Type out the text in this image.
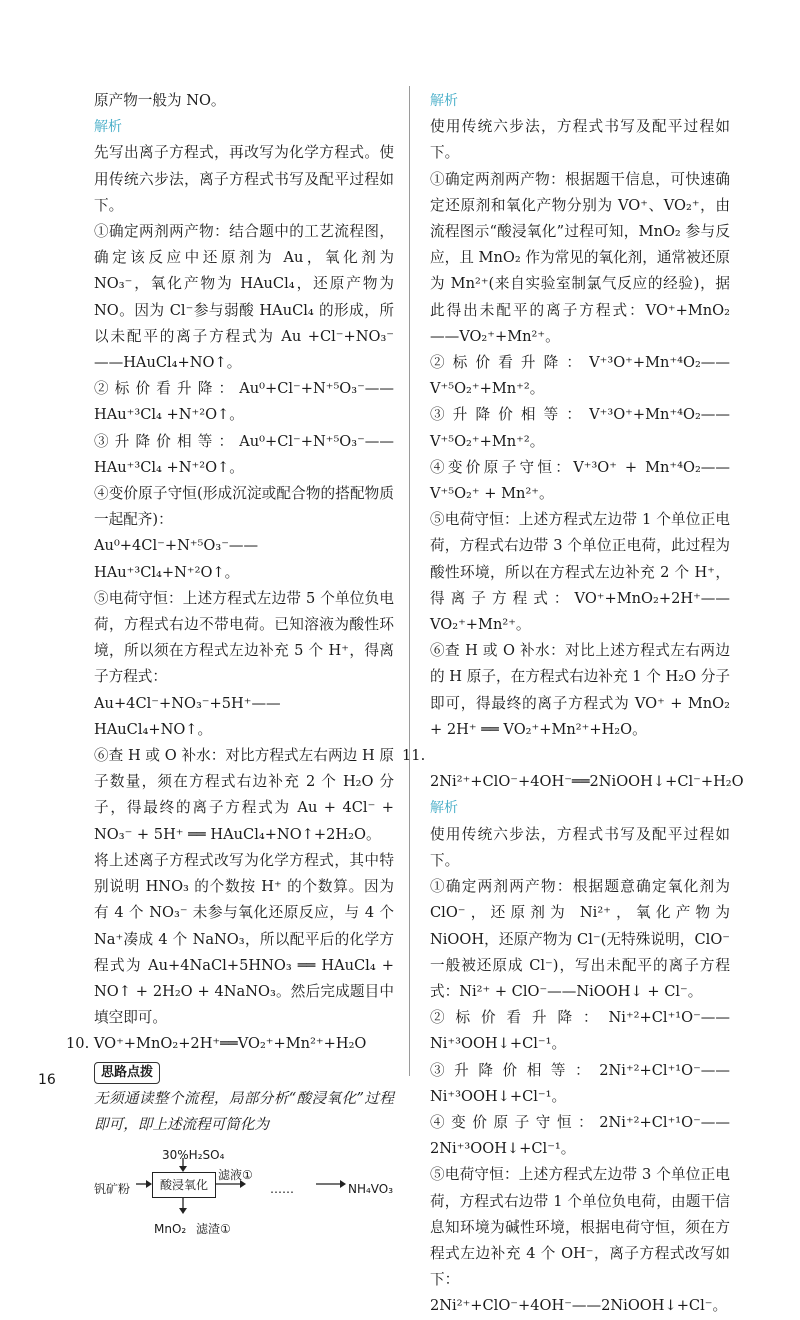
原产物一般为 NO。

解析

先写出离子方程式，再改写为化学方程式。使用传统六步法，离子方程式书写及配平过程如下。

①确定两剂两产物：结合题中的工艺流程图，确定该反应中还原剂为 Au，氧化剂为 NO₃⁻，氧化产物为 HAuCl₄，还原产物为 NO。因为 Cl⁻参与弱酸 HAuCl₄ 的形成，所以未配平的离子方程式为 Au +Cl⁻+NO₃⁻——HAuCl₄+NO↑。

②标价看升降：Au⁰+Cl⁻+N⁺⁵O₃⁻——HAu⁺³Cl₄ +N⁺²O↑。

③升降价相等：Au⁰+Cl⁻+N⁺⁵O₃⁻——HAu⁺³Cl₄ +N⁺²O↑。

④变价原子守恒(形成沉淀或配合物的搭配物质一起配齐)：

Au⁰+4Cl⁻+N⁺⁵O₃⁻——HAu⁺³Cl₄+N⁺²O↑。

⑤电荷守恒：上述方程式左边带 5 个单位负电荷，方程式右边不带电荷。已知溶液为酸性环境，所以须在方程式左边补充 5 个 H⁺，得离子方程式：

Au+4Cl⁻+NO₃⁻+5H⁺——HAuCl₄+NO↑。

⑥查 H 或 O 补水：对比方程式左右两边 H 原子数量，须在方程式右边补充 2 个 H₂O 分子，得最终的离子方程式为 Au + 4Cl⁻ + NO₃⁻ + 5H⁺ ══ HAuCl₄+NO↑+2H₂O。

将上述离子方程式改写为化学方程式，其中特别说明 HNO₃ 的个数按 H⁺ 的个数算。因为有 4 个 NO₃⁻ 未参与氧化还原反应，与 4 个 Na⁺凑成 4 个 NaNO₃，所以配平后的化学方程式为 Au+4NaCl+5HNO₃ ══ HAuCl₄ + NO↑ + 2H₂O + 4NaNO₃。然后完成题目中填空即可。

10. VO⁺+MnO₂+2H⁺══VO₂⁺+Mn²⁺+H₂O

思路点拨

无须通读整个流程，局部分析“酸浸氧化”过程即可，即上述流程可简化为

30%H₂SO₄
钒矿粉	酸浸氧化
滤液①
……	NH₄VO₃
MnO₂ 滤渣①

解析

使用传统六步法，方程式书写及配平过程如下。

①确定两剂两产物：根据题干信息，可快速确定还原剂和氧化产物分别为 VO⁺、VO₂⁺，由流程图示“酸浸氧化”过程可知，MnO₂ 参与反应，且 MnO₂ 作为常见的氧化剂，通常被还原为 Mn²⁺(来自实验室制氯气反应的经验)，据此得出未配平的离子方程式：VO⁺+MnO₂——VO₂⁺+Mn²⁺。

②标价看升降：V⁺³O⁺+Mn⁺⁴O₂——V⁺⁵O₂⁺+Mn⁺²。

③升降价相等：V⁺³O⁺+Mn⁺⁴O₂——V⁺⁵O₂⁺+Mn⁺²。

④变价原子守恒：V⁺³O⁺ + Mn⁺⁴O₂——V⁺⁵O₂⁺ + Mn²⁺。

⑤电荷守恒：上述方程式左边带 1 个单位正电荷，方程式右边带 3 个单位正电荷，此过程为酸性环境，所以在方程式左边补充 2 个 H⁺，得离子方程式：VO⁺+MnO₂+2H⁺——VO₂⁺+Mn²⁺。

⑥查 H 或 O 补水：对比上述方程式左右两边的 H 原子，在方程式右边补充 1 个 H₂O 分子即可，得最终的离子方程式为 VO⁺ + MnO₂ + 2H⁺ ══ VO₂⁺+Mn²⁺+H₂O。

11. 2Ni²⁺+ClO⁻+4OH⁻══2NiOOH↓+Cl⁻+H₂O

解析

使用传统六步法，方程式书写及配平过程如下。

①确定两剂两产物：根据题意确定氧化剂为 ClO⁻，还原剂为 Ni²⁺，氧化产物为 NiOOH，还原产物为 Cl⁻(无特殊说明，ClO⁻一般被还原成 Cl⁻)，写出未配平的离子方程式：Ni²⁺ + ClO⁻——NiOOH↓ + Cl⁻。

②标价看升降：Ni⁺²+Cl⁺¹O⁻——Ni⁺³OOH↓+Cl⁻¹。

③升降价相等：2Ni⁺²+Cl⁺¹O⁻——Ni⁺³OOH↓+Cl⁻¹。

④变价原子守恒：2Ni⁺²+Cl⁺¹O⁻——2Ni⁺³OOH↓+Cl⁻¹。

⑤电荷守恒：上述方程式左边带 3 个单位正电荷，方程式右边带 1 个单位负电荷，由题干信息知环境为碱性环境，根据电荷守恒，须在方程式左边补充 4 个 OH⁻，离子方程式改写如下：

2Ni²⁺+ClO⁻+4OH⁻——2NiOOH↓+Cl⁻。

16
